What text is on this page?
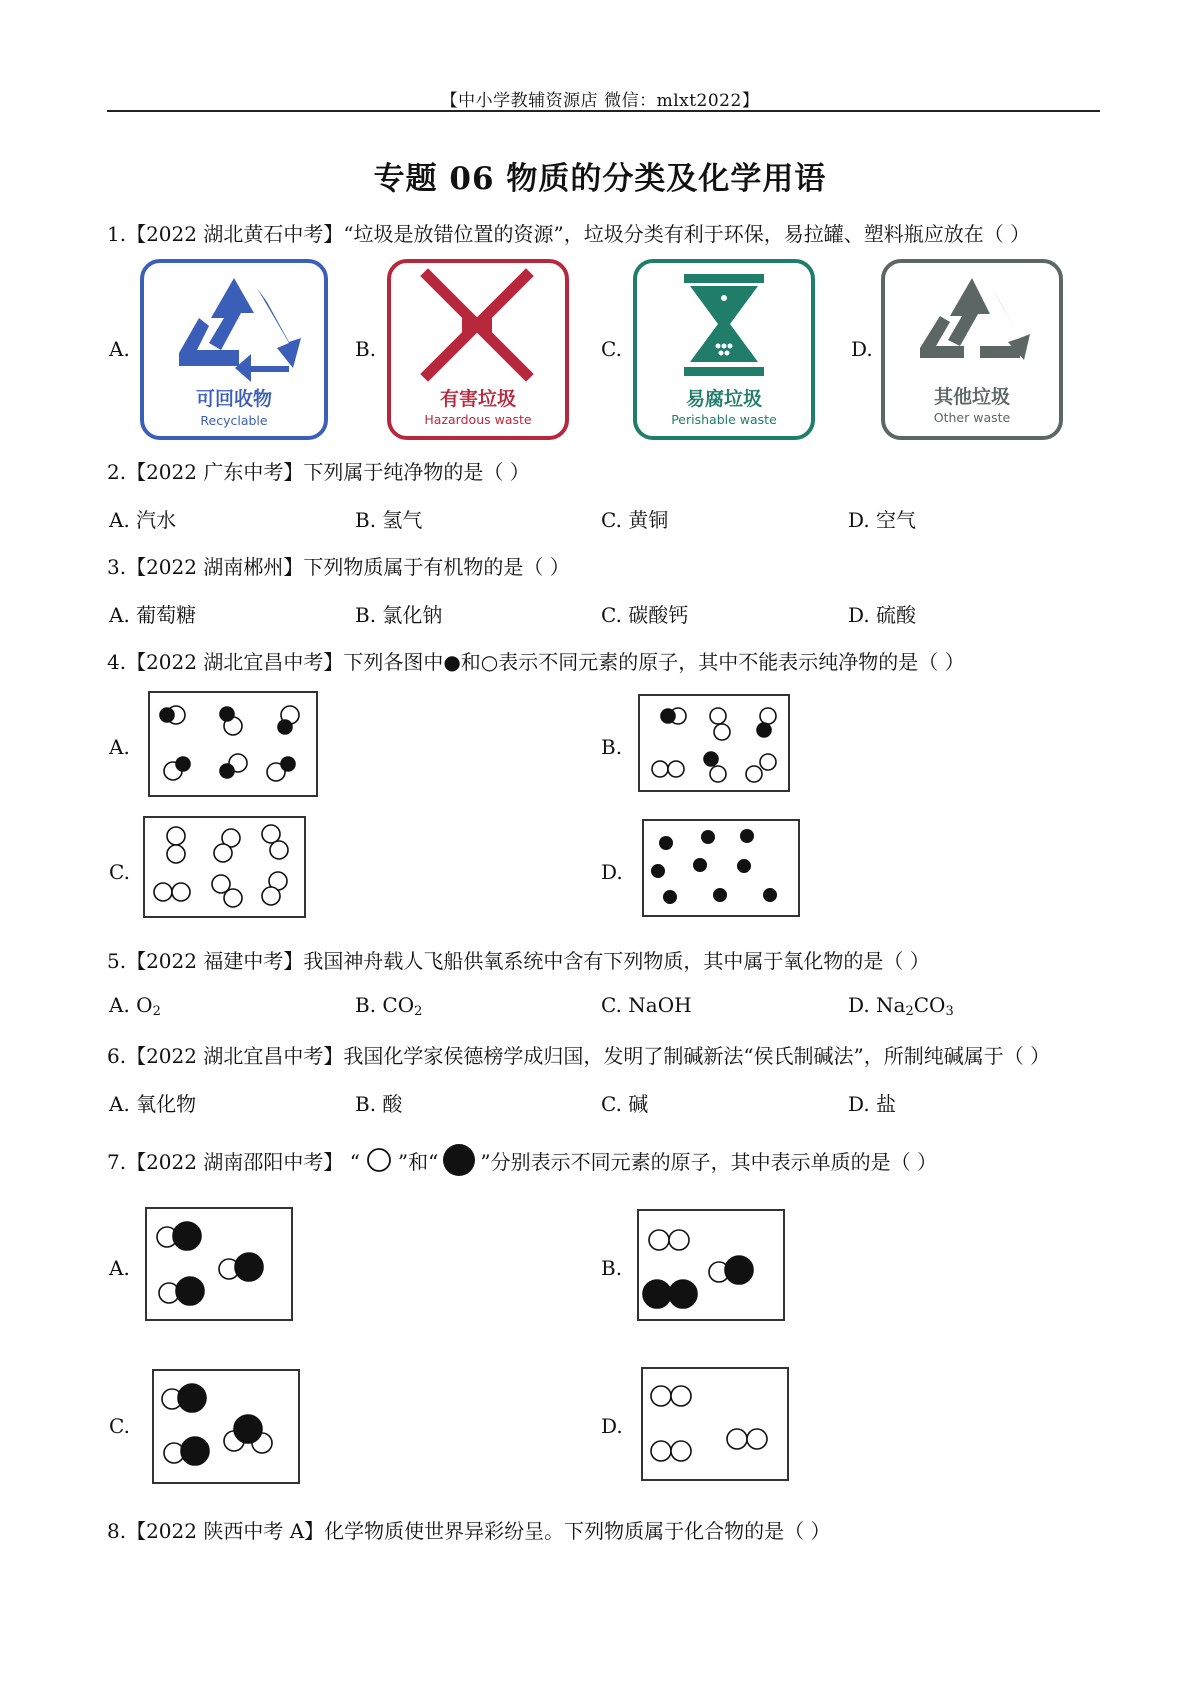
【中小学教辅资源店 微信：mlxt2022】
专题 06 物质的分类及化学用语
1.【2022 湖北黄石中考】“垃圾是放错位置的资源”，垃圾分类有利于环保，易拉罐、塑料瓶应放在（ ）
A.
可回收物
Recyclable
B.
有害垃圾
Hazardous waste
C.
易腐垃圾
Perishable waste
D.
其他垃圾
Other waste
2.【2022 广东中考】下列属于纯净物的是（ ）
A. 汽水	B. 氢气	C. 黄铜	D. 空气
3.【2022 湖南郴州】下列物质属于有机物的是（ ）
A. 葡萄糖	B. 氯化钠	C. 碳酸钙	D. 硫酸
4.【2022 湖北宜昌中考】下列各图中●和○表示不同元素的原子，其中不能表示纯净物的是（ ）
A.	B.
C.	D.
5.【2022 福建中考】我国神舟载人飞船供氧系统中含有下列物质，其中属于氧化物的是（ ）
A. $O_2$	B. $CO_2$	C. NaOH	D. $Na_2CO_3$
6.【2022 湖北宜昌中考】我国化学家侯德榜学成归国，发明了制碱新法“侯氏制碱法”，所制纯碱属于（ ）
A. 氧化物	B. 酸	C. 碱	D. 盐
7.【2022 湖南邵阳中考】 “ ”和“ ”分别表示不同元素的原子，其中表示单质的是（ ）
A.	B.
C.	D.
8.【2022 陕西中考 A】化学物质使世界异彩纷呈。下列物质属于化合物的是（ ）
